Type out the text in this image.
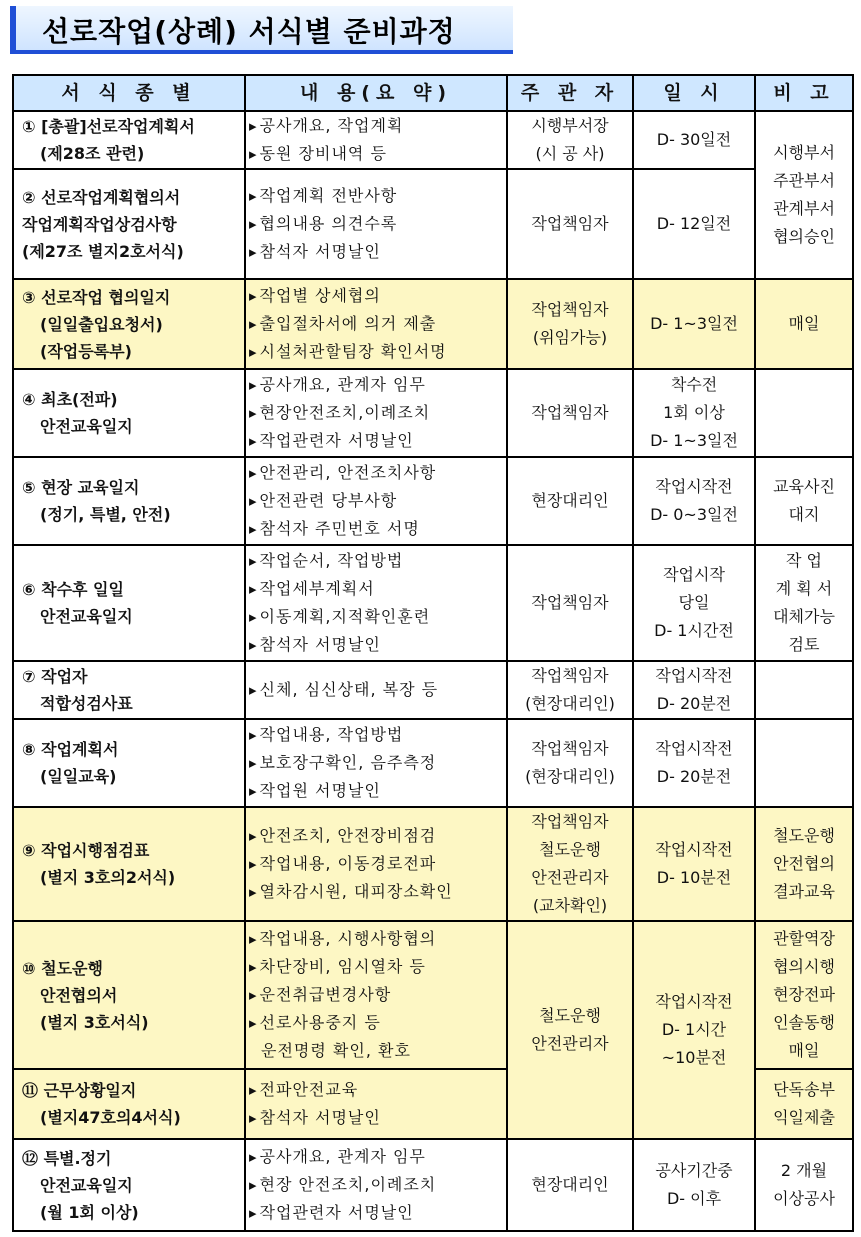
선로작업(상례) 서식별 준비과정
서 식 종 별	내 용(요 약)	주 관 자	일 시	비 고

① [총괄]선로작업계획서
(제28조 관련)	▸ 공사개요, 작업계획
▸ 동원 장비내역 등	시행부서장
(시 공 사)	D- 30일전	시행부서
주관부서
관계부서
협의승인

② 선로작업계획협의서
작업계획작업상검사항
(제27조 별지2호서식)	▸ 작업계획 전반사항
▸ 협의내용 의견수록
▸ 참석자 서명날인	작업책임자	D- 12일전	

③ 선로작업 협의일지
(일일출입요청서)
(작업등록부)	▸ 작업별 상세협의
▸ 출입절차서에 의거 제출
▸ 시설처관할팀장 확인서명	작업책임자
(위임가능)	D- 1~3일전	매일

④ 최초(전파)
안전교육일지	▸ 공사개요, 관계자 임무
▸ 현장안전조치,이례조치
▸ 작업관련자 서명날인	작업책임자	착수전
1회 이상
D- 1~3일전	

⑤ 현장 교육일지
(정기, 특별, 안전)	▸ 안전관리, 안전조치사항
▸ 안전관련 당부사항
▸ 참석자 주민번호 서명	현장대리인	작업시작전
D- 0~3일전	교육사진
대지

⑥ 착수후 일일
안전교육일지	▸ 작업순서, 작업방법
▸ 작업세부계획서
▸ 이동계획,지적확인훈련
▸ 참석자 서명날인	작업책임자	작업시작
당일
D- 1시간전	작 업
계 획 서
대체가능
검토

⑦ 작업자
적합성검사표	▸ 신체, 심신상태, 복장 등	작업책임자
(현장대리인)	작업시작전
D- 20분전	

⑧ 작업계획서
(일일교육)	▸ 작업내용, 작업방법
▸ 보호장구확인, 음주측정
▸ 작업원 서명날인	작업책임자
(현장대리인)	작업시작전
D- 20분전	

⑨ 작업시행점검표
(별지 3호의2서식)	▸ 안전조치, 안전장비점검
▸ 작업내용, 이동경로전파
▸ 열차감시원, 대피장소확인	작업책임자
철도운행
안전관리자
(교차확인)	작업시작전
D- 10분전	철도운행
안전협의
결과교육

⑩ 철도운행
안전협의서
(별지 3호서식)	▸ 작업내용, 시행사항협의
▸ 차단장비, 임시열차 등
▸ 운전취급변경사항
▸ 선로사용중지 등
운전명령 확인, 환호	철도운행
안전관리자	작업시작전
D- 1시간
~10분전	관할역장
협의시행
현장전파
인솔동행
매일

⑪ 근무상황일지
(별지47호의4서식)	▸ 전파안전교육
▸ 참석자 서명날인			단독송부
익일제출

⑫ 특별.정기
안전교육일지
(월 1회 이상)	▸ 공사개요, 관계자 임무
▸ 현장 안전조치,이례조치
▸ 작업관련자 서명날인	현장대리인	공사기간중
D- 이후	2 개월
이상공사
